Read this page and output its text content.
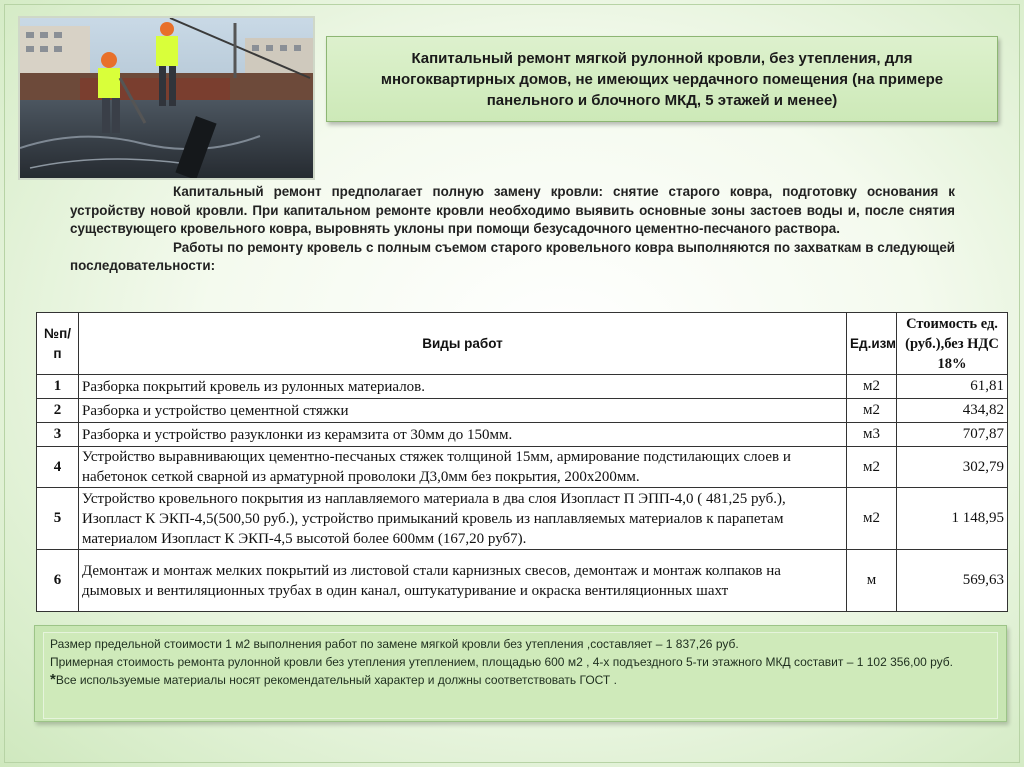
Капитальный ремонт мягкой рулонной кровли, без утепления, для многоквартирных домов, не имеющих чердачного помещения (на примере панельного и блочного МКД, 5 этажей и менее)

Капитальный ремонт предполагает полную замену кровли: снятие старого ковра, подготовку основания к устройству новой кровли. При капитальном ремонте кровли необходимо выявить основные зоны застоев воды и, после снятия существующего кровельного ковра, выровнять уклоны при помощи безусадочного цементно-песчаного раствора.

Работы по ремонту кровель с полным съемом старого кровельного ковра выполняются по захваткам в следующей последовательности:

№п/п	Виды работ	Ед.изм	Стоимость ед. (руб.),без НДС 18%
1	Разборка покрытий кровель из рулонных материалов.	м2	61,81
2	Разборка и устройство цементной стяжки	м2	434,82
3	Разборка и устройство разуклонки из керамзита от 30мм до 150мм.	м3	707,87
4	Устройство выравнивающих цементно-песчаных стяжек толщиной 15мм, армирование подстилающих слоев и набетонок сеткой сварной из арматурной проволоки Д3,0мм без покрытия, 200х200мм.	м2	302,79
5	Устройство кровельного покрытия из наплавляемого материала в два слоя Изопласт П ЭПП-4,0 ( 481,25 руб.), Изопласт К ЭКП-4,5(500,50 руб.), устройство примыканий кровель из наплавляемых материалов к парапетам материалом Изопласт К ЭКП-4,5 высотой более 600мм (167,20 руб7).	м2	1 148,95
6	Демонтаж и монтаж мелких покрытий из листовой стали карнизных свесов, демонтаж и монтаж колпаков на дымовых и вентиляционных трубах в один канал, оштукатуривание и окраска вентиляционных шахт	м	569,63

Размер предельной стоимости 1 м2 выполнения работ по замене мягкой кровли без утепления ,составляет – 1 837,26 руб.

Примерная стоимость ремонта рулонной кровли без утепления утеплением, площадью 600 м2 , 4-х подъездного 5-ти этажного МКД составит – 1 102 356,00 руб.

*Все используемые материалы носят рекомендательный характер и должны соответствовать ГОСТ .
